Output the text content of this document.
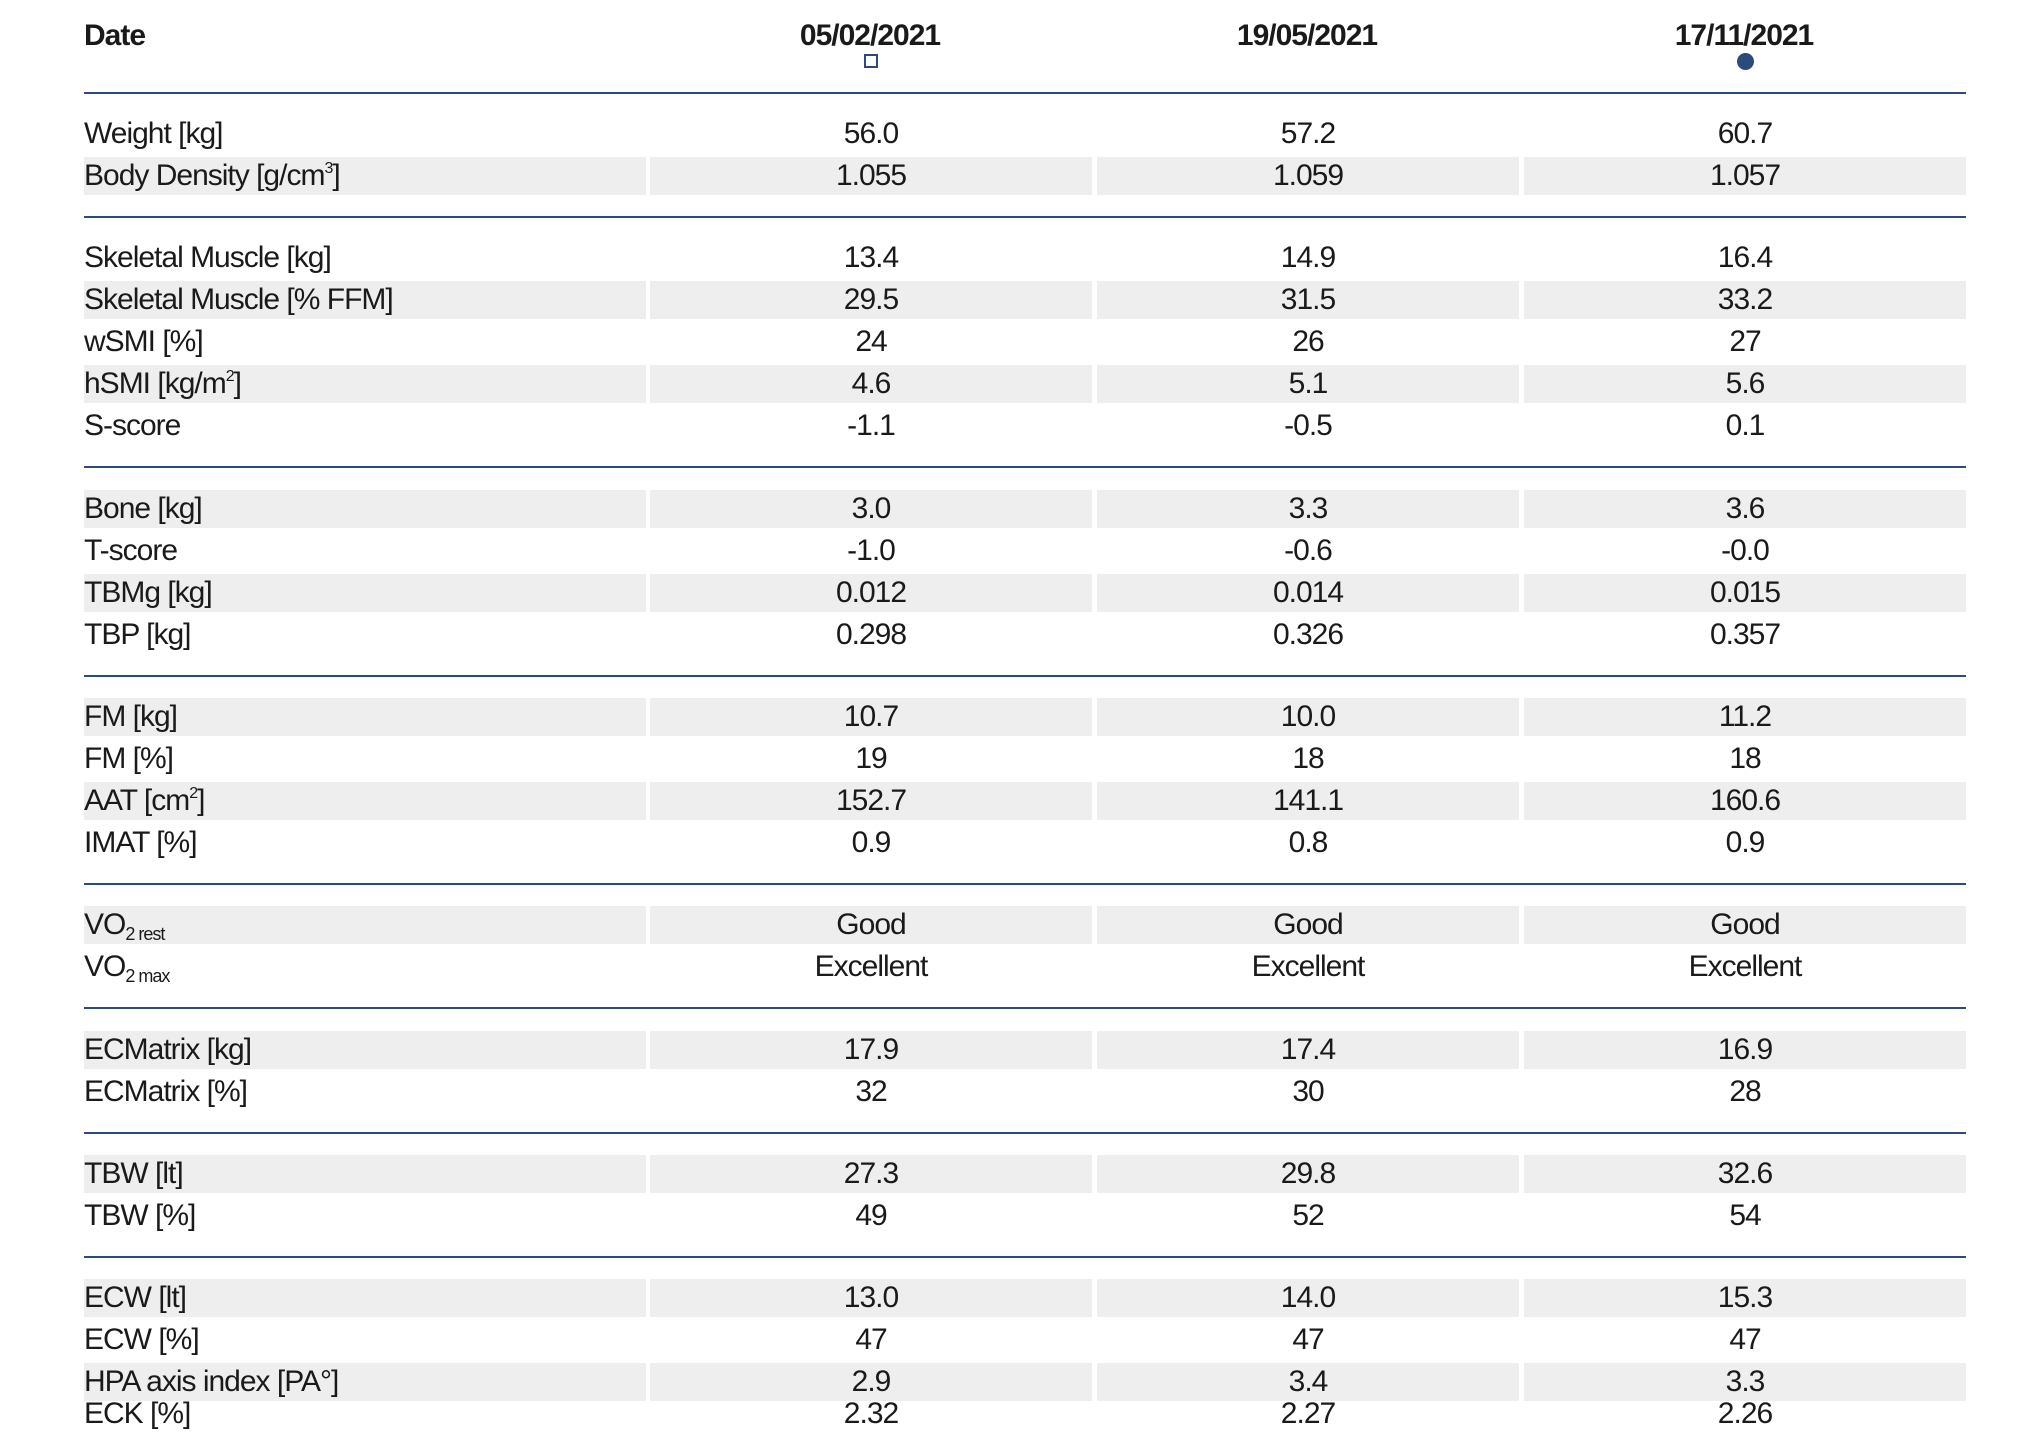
Date	05/02/2021	19/05/2021	17/11/2021
Weight [kg]	56.0	57.2	60.7
Body Density $[g/cm^3]$	1.055	1.059	1.057
Skeletal Muscle [kg]	13.4	14.9	16.4
Skeletal Muscle [% FFM]	29.5	31.5	33.2
wSMI [%]	24	26	27
hSMI $[kg/m^2]$	4.6	5.1	5.6
S-score	-1.1	-0.5	0.1
Bone [kg]	3.0	3.3	3.6
T-score	-1.0	-0.6	-0.0
TBMg [kg]	0.012	0.014	0.015
TBP [kg]	0.298	0.326	0.357
FM [kg]	10.7	10.0	11.2
FM [%]	19	18	18
AAT $[cm^2]$	152.7	141.1	160.6
IMAT [%]	0.9	0.8	0.9
$VO_{2 rest}$	Good	Good	Good
$VO_{2 max}$	Excellent	Excellent	Excellent
ECMatrix [kg]	17.9	17.4	16.9
ECMatrix [%]	32	30	28
TBW [lt]	27.3	29.8	32.6
TBW [%]	49	52	54
ECW [lt]	13.0	14.0	15.3
ECW [%]	47	47	47
HPA axis index [PA°]	2.9	3.4	3.3
ECK [%]	2.32	2.27	2.26
